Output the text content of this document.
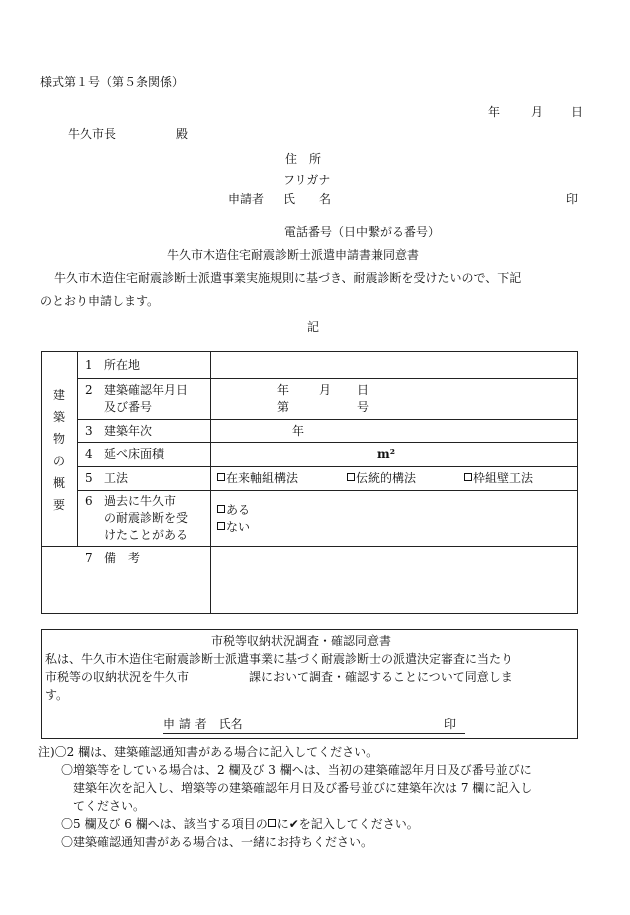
様式第１号（第５条関係）
年	月 日
牛久市長	殿
住　所
フリガナ
申請者 氏　　名	印
電話番号（日中繋がる番号）
牛久市木造住宅耐震診断士派遣申請書兼同意書
牛久市木造住宅耐震診断士派遣事業実施規則に基づき、耐震診断を受けたいので、下記
のとおり申請します。
記
建
築
物
の
概
要
1 所在地
2 建築確認年月日
及び番号
年 月 日
第	号
3 建築年次	年
4 延べ床面積	m²
5 工法	在来軸組構法	伝統的構法	枠組壁工法
6 過去に牛久市
の耐震診断を受
けたことがある
ある
ない
7 備　考
市税等収納状況調査・確認同意書
私は、牛久市木造住宅耐震診断士派遣事業に基づく耐震診断士の派遣決定審査に当たり
市税等の収納状況を牛久市　　　　　課において調査・確認することについて同意しま
す。
申 請 者　氏名	印
注)〇2 欄は、建築確認通知書がある場合に記入してください。
〇増築等をしている場合は、2 欄及び 3 欄へは、当初の建築確認年月日及び番号並びに
建築年次を記入し、増築等の建築確認年月日及び番号並びに建築年次は 7 欄に記入し
てください。
〇5 欄及び 6 欄へは、該当する項目の に✔を記入してください。
〇建築確認通知書がある場合は、一緒にお持ちください。
